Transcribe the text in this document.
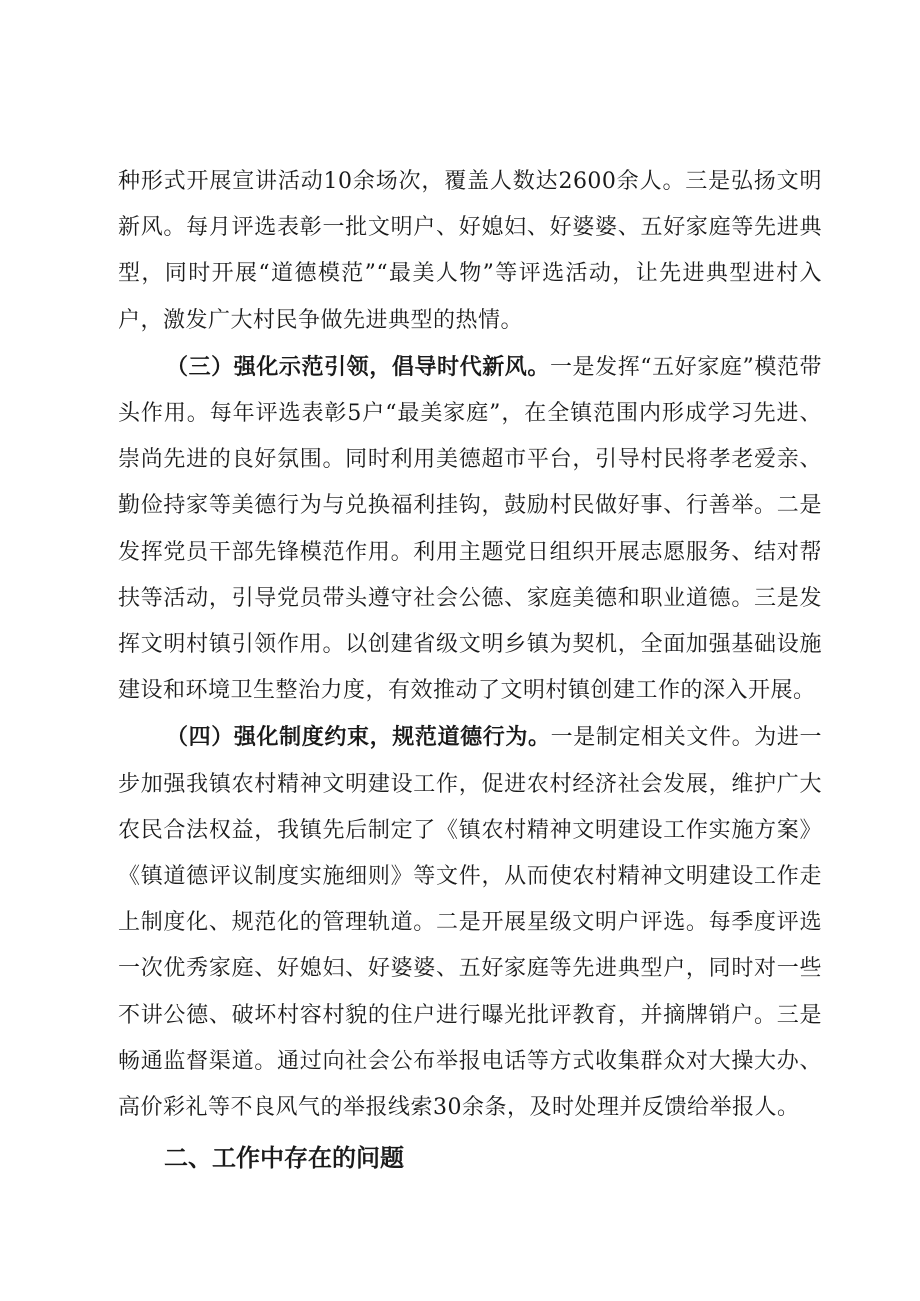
种形式开展宣讲活动10余场次，覆盖人数达2600余人。三是弘扬文明新风。每月评选表彰一批文明户、好媳妇、好婆婆、五好家庭等先进典型，同时开展“道德模范”“最美人物”等评选活动，让先进典型进村入户，激发广大村民争做先进典型的热情。

（三）强化示范引领，倡导时代新风。一是发挥“五好家庭”模范带头作用。每年评选表彰5户“最美家庭”，在全镇范围内形成学习先进、崇尚先进的良好氛围。同时利用美德超市平台，引导村民将孝老爱亲、勤俭持家等美德行为与兑换福利挂钩，鼓励村民做好事、行善举。二是发挥党员干部先锋模范作用。利用主题党日组织开展志愿服务、结对帮扶等活动，引导党员带头遵守社会公德、家庭美德和职业道德。三是发挥文明村镇引领作用。以创建省级文明乡镇为契机，全面加强基础设施建设和环境卫生整治力度，有效推动了文明村镇创建工作的深入开展。

（四）强化制度约束，规范道德行为。一是制定相关文件。为进一步加强我镇农村精神文明建设工作，促进农村经济社会发展，维护广大农民合法权益，我镇先后制定了《镇农村精神文明建设工作实施方案》《镇道德评议制度实施细则》等文件，从而使农村精神文明建设工作走上制度化、规范化的管理轨道。二是开展星级文明户评选。每季度评选一次优秀家庭、好媳妇、好婆婆、五好家庭等先进典型户，同时对一些不讲公德、破坏村容村貌的住户进行曝光批评教育，并摘牌销户。三是畅通监督渠道。通过向社会公布举报电话等方式收集群众对大操大办、高价彩礼等不良风气的举报线索30余条，及时处理并反馈给举报人。

二、工作中存在的问题
